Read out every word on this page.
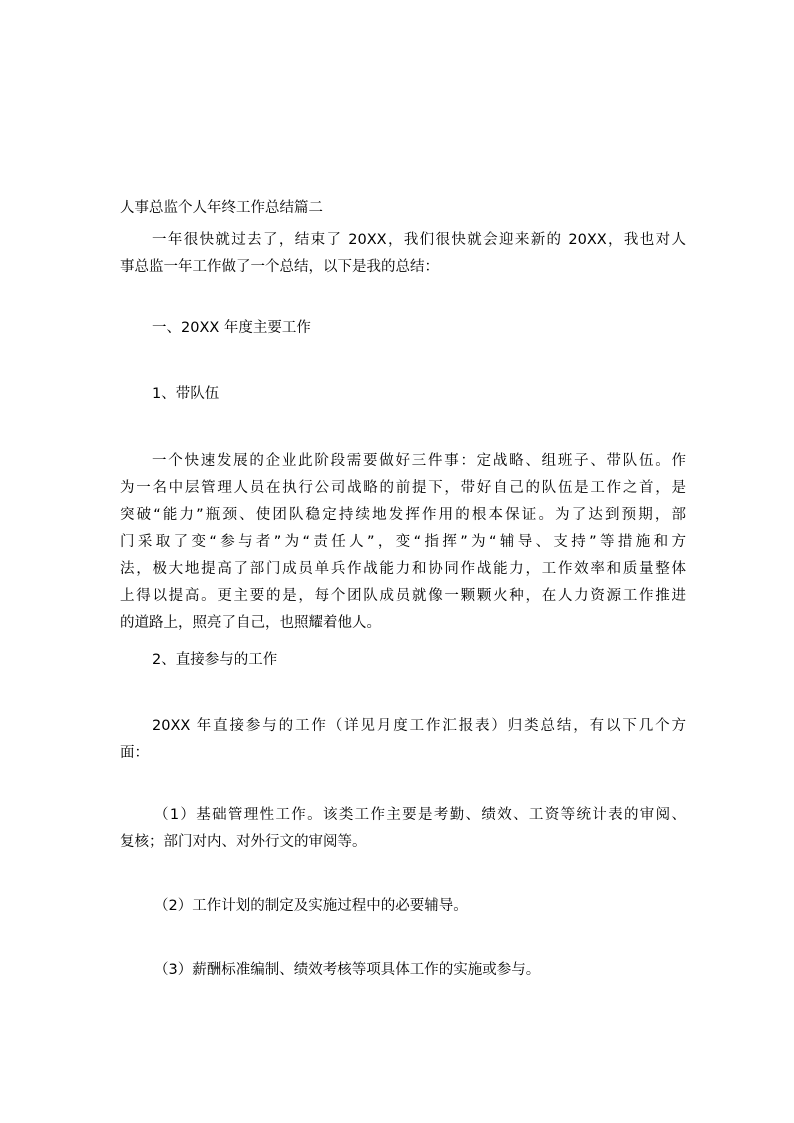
人事总监个人年终工作总结篇二
一年很快就过去了，结束了 20XX，我们很快就会迎来新的 20XX，我也对人
事总监一年工作做了一个总结，以下是我的总结：
一、20XX 年度主要工作
1、带队伍
一个快速发展的企业此阶段需要做好三件事：定战略、组班子、带队伍。作
为一名中层管理人员在执行公司战略的前提下，带好自己的队伍是工作之首，是
突破“能力”瓶颈、使团队稳定持续地发挥作用的根本保证。为了达到预期，部
门采取了变“参与者”为“责任人”，变“指挥”为“辅导、支持”等措施和方
法，极大地提高了部门成员单兵作战能力和协同作战能力，工作效率和质量整体
上得以提高。更主要的是，每个团队成员就像一颗颗火种，在人力资源工作推进
的道路上，照亮了自己，也照耀着他人。
2、直接参与的工作
20XX 年直接参与的工作（详见月度工作汇报表）归类总结，有以下几个方
面：
（1）基础管理性工作。该类工作主要是考勤、绩效、工资等统计表的审阅、
复核；部门对内、对外行文的审阅等。
（2）工作计划的制定及实施过程中的必要辅导。
（3）薪酬标准编制、绩效考核等项具体工作的实施或参与。
